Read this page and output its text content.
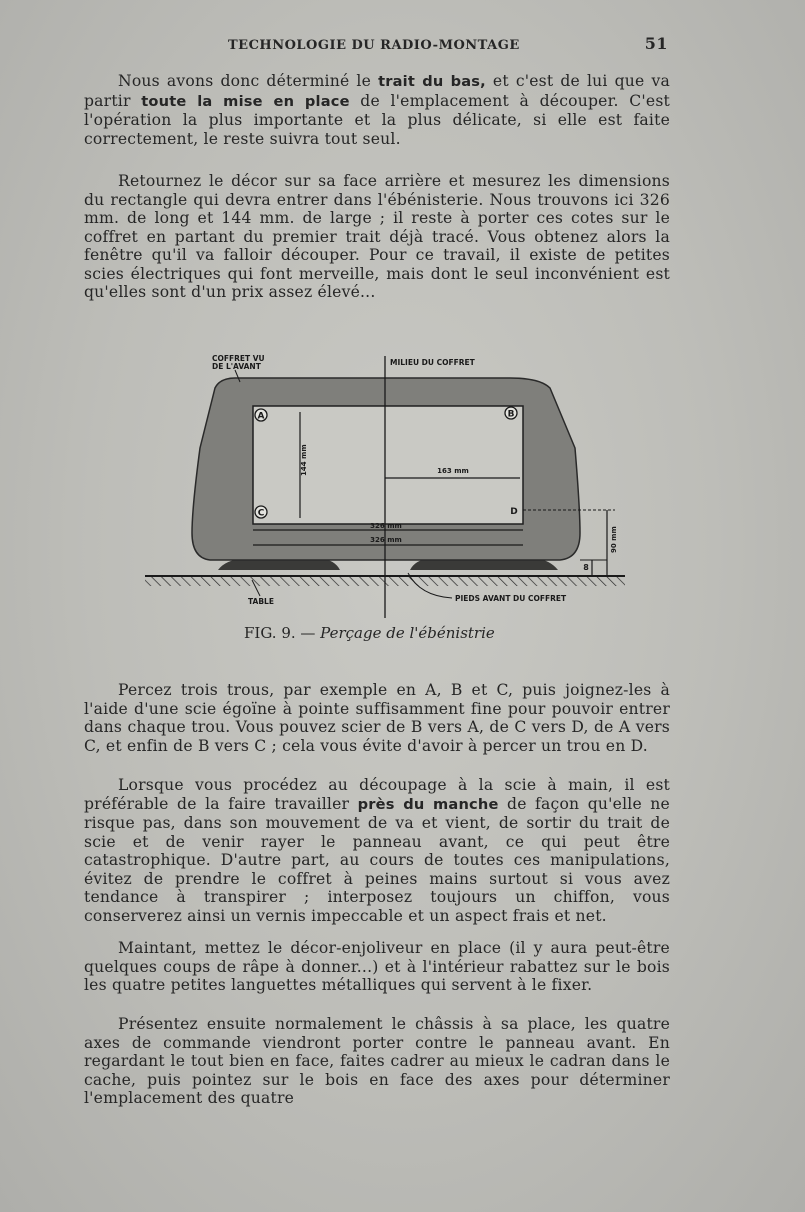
TECHNOLOGIE DU RADIO-MONTAGE	51

Nous avons donc déterminé le trait du bas, et c'est de lui que va partir toute la mise en place de l'emplacement à découper. C'est l'opération la plus importante et la plus délicate, si elle est faite correctement, le reste suivra tout seul.

Retournez le décor sur sa face arrière et mesurez les dimensions du rectangle qui devra entrer dans l'ébénisterie. Nous trouvons ici 326 mm. de long et 144 mm. de large ; il reste à porter ces cotes sur le coffret en partant du premier trait déjà tracé. Vous obtenez alors la fenêtre qu'il va falloir découper. Pour ce travail, il existe de petites scies électriques qui font merveille, mais dont le seul inconvénient est qu'elles sont d'un prix assez élevé...

A	B
C	D
144 mm	163 mm
326 mm
326 mm	90 mm
8
COFFRET VU
DE L'AVANT	MILIEU DU COFFRET
TABLE	PIEDS AVANT DU COFFRET
FIG. 9. — Perçage de l'ébénistrie

Percez trois trous, par exemple en A, B et C, puis joignez-les à l'aide d'une scie égoïne à pointe suffisamment fine pour pouvoir entrer dans chaque trou. Vous pouvez scier de B vers A, de C vers D, de A vers C, et enfin de B vers C ; cela vous évite d'avoir à percer un trou en D.

Lorsque vous procédez au découpage à la scie à main, il est préférable de la faire travailler près du manche de façon qu'elle ne risque pas, dans son mouvement de va et vient, de sortir du trait de scie et de venir rayer le panneau avant, ce qui peut être catastrophique. D'autre part, au cours de toutes ces manipulations, évitez de prendre le coffret à peines mains surtout si vous avez tendance à transpirer ; interposez toujours un chiffon, vous conserverez ainsi un vernis impeccable et un aspect frais et net.

Maintant, mettez le décor-enjoliveur en place (il y aura peut-être quelques coups de râpe à donner...) et à l'intérieur rabattez sur le bois les quatre petites languettes métalliques qui servent à le fixer.

Présentez ensuite normalement le châssis à sa place, les quatre axes de commande viendront porter contre le panneau avant. En regardant le tout bien en face, faites cadrer au mieux le cadran dans le cache, puis pointez sur le bois en face des axes pour déterminer l'emplacement des quatre
